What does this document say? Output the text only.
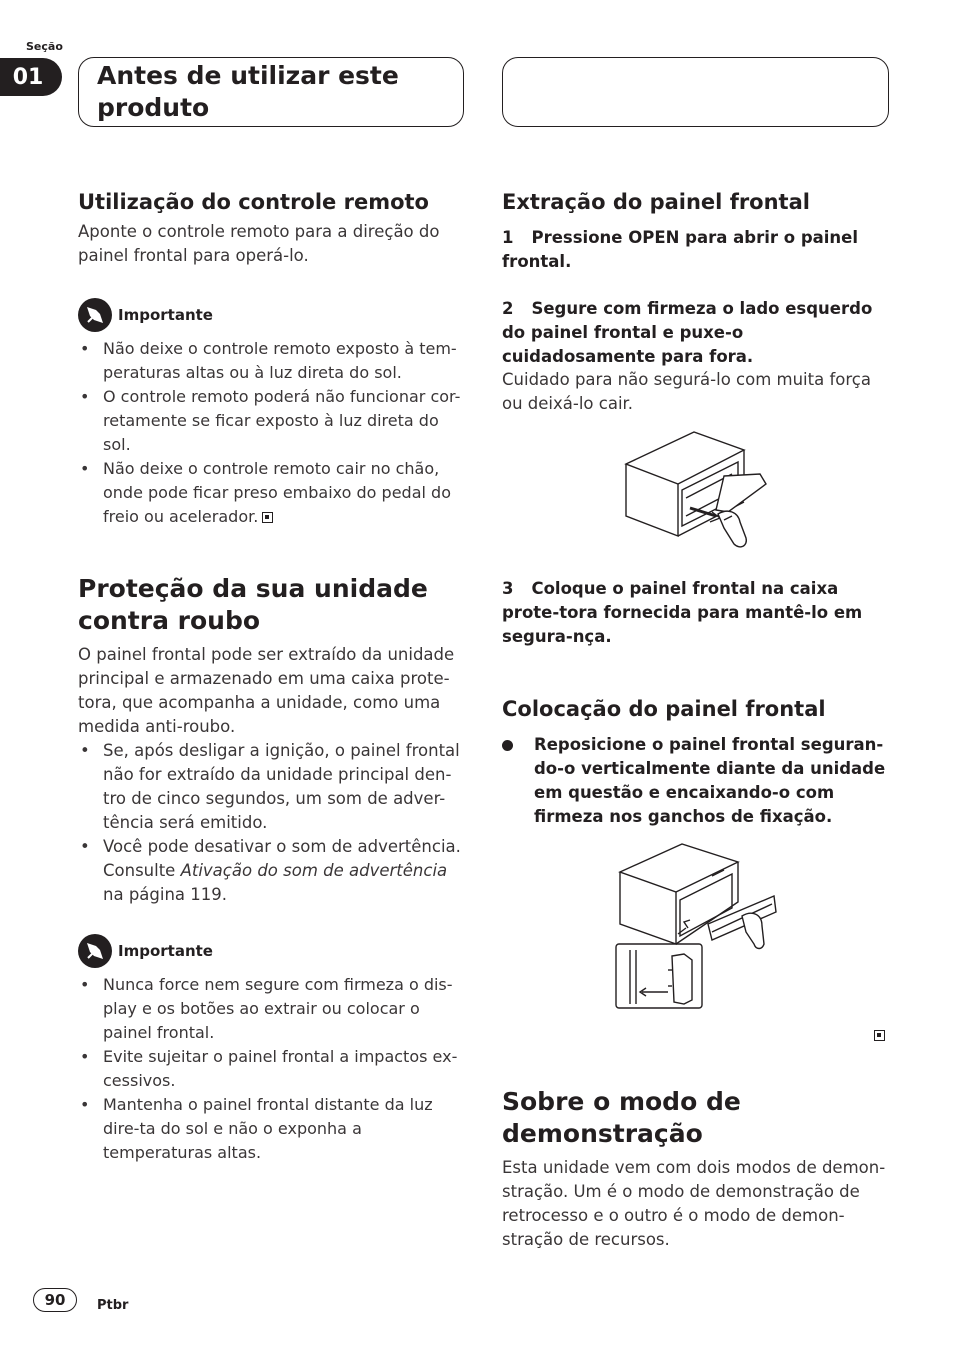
Seção
01	Antes de utilizar este produto
Utilização do controle remoto
Aponte o controle remoto para a direção do painel frontal para operá-lo.
Importante
• Não deixe o controle remoto exposto à tem-peraturas altas ou à luz direta do sol.
• O controle remoto poderá não funcionar cor-retamente se ficar exposto à luz direta do sol.
• Não deixe o controle remoto cair no chão, onde pode ficar preso embaixo do pedal do freio ou acelerador.
Proteção da sua unidade contra roubo
O painel frontal pode ser extraído da unidade principal e armazenado em uma caixa prote-tora, que acompanha a unidade, como uma medida anti-roubo.
• Se, após desligar a ignição, o painel frontal não for extraído da unidade principal den-tro de cinco segundos, um som de adver-tência será emitido.
• Você pode desativar o som de advertência. Consulte Ativação do som de advertência na página 119.
Importante
• Nunca force nem segure com firmeza o dis-play e os botões ao extrair ou colocar o painel frontal.
• Evite sujeitar o painel frontal a impactos ex-cessivos.
• Mantenha o painel frontal distante da luz dire-ta do sol e não o exponha a temperaturas altas.
Extração do painel frontal
1 Pressione OPEN para abrir o painel frontal.
2 Segure com firmeza o lado esquerdo do painel frontal e puxe-o cuidadosamente para fora.
Cuidado para não segurá-lo com muita força ou deixá-lo cair.
3 Coloque o painel frontal na caixa prote-tora fornecida para mantê-lo em segura-nça.
Colocação do painel frontal
Reposicione o painel frontal seguran-do-o verticalmente diante da unidade em questão e encaixando-o com firmeza nos ganchos de fixação.
Sobre o modo de demonstração
Esta unidade vem com dois modos de demon-stração. Um é o modo de demonstração de retrocesso e o outro é o modo de demon-stração de recursos.
90	Ptbr
